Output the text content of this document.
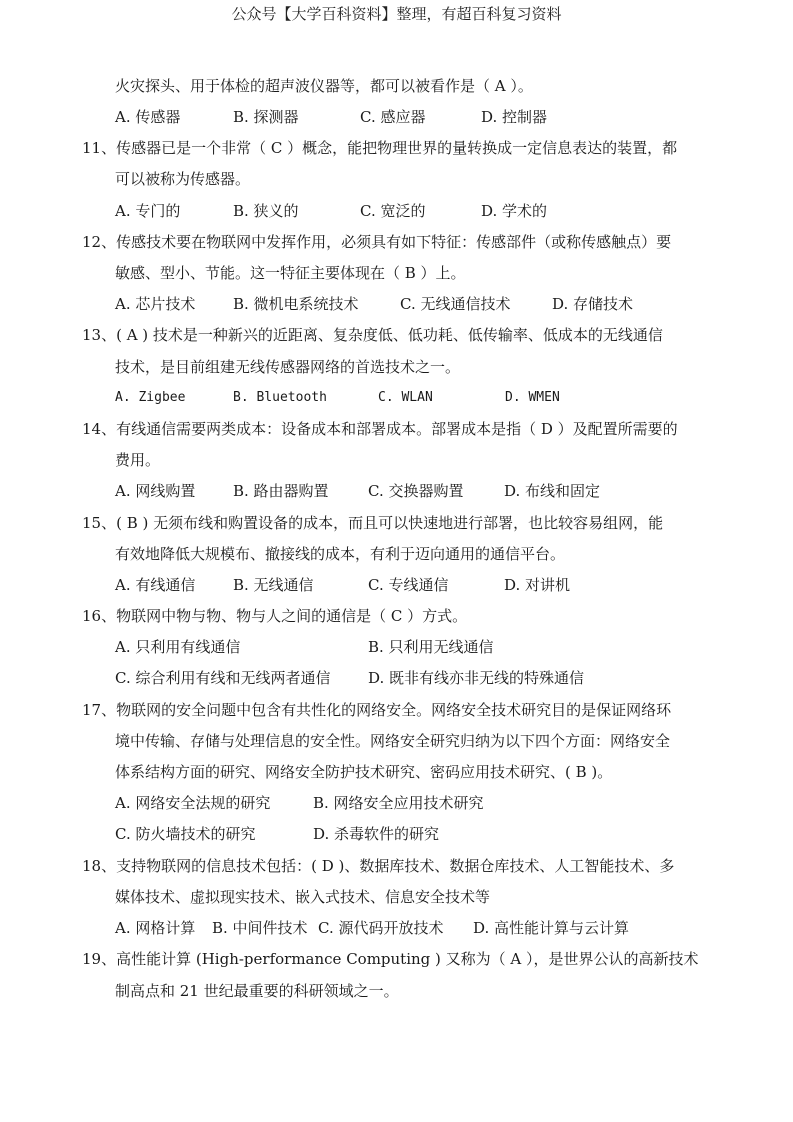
公众号【大学百科资料】整理，有超百科复习资料
火灾探头、用于体检的超声波仪器等，都可以被看作是（ A ）。
A. 传感器	B. 探测器	C. 感应器	D. 控制器
11、传感器已是一个非常（ C ）概念，能把物理世界的量转换成一定信息表达的装置，都
可以被称为传感器。
A. 专门的	B. 狭义的	C. 宽泛的	D. 学术的
12、传感技术要在物联网中发挥作用，必须具有如下特征：传感部件（或称传感触点）要
敏感、型小、节能。这一特征主要体现在（ B ）上。
A. 芯片技术	B. 微机电系统技术	C. 无线通信技术	D. 存储技术
13、( A ) 技术是一种新兴的近距离、复杂度低、低功耗、低传输率、低成本的无线通信
技术，是目前组建无线传感器网络的首选技术之一。
A. Zigbee	B. Bluetooth	C. WLAN	D. WMEN
14、有线通信需要两类成本：设备成本和部署成本。部署成本是指（ D ）及配置所需要的
费用。
A. 网线购置	B. 路由器购置	C. 交换器购置	D. 布线和固定
15、( B ) 无须布线和购置设备的成本，而且可以快速地进行部署，也比较容易组网，能
有效地降低大规模布、撤接线的成本，有利于迈向通用的通信平台。
A. 有线通信	B. 无线通信	C. 专线通信	D. 对讲机
16、物联网中物与物、物与人之间的通信是（ C ）方式。
A. 只利用有线通信	B. 只利用无线通信
C. 综合利用有线和无线两者通信	D. 既非有线亦非无线的特殊通信
17、物联网的安全问题中包含有共性化的网络安全。网络安全技术研究目的是保证网络环
境中传输、存储与处理信息的安全性。网络安全研究归纳为以下四个方面：网络安全
体系结构方面的研究、网络安全防护技术研究、密码应用技术研究、( B )。
A. 网络安全法规的研究	B. 网络安全应用技术研究
C. 防火墙技术的研究	D. 杀毒软件的研究
18、支持物联网的信息技术包括：( D )、数据库技术、数据仓库技术、人工智能技术、多
媒体技术、虚拟现实技术、嵌入式技术、信息安全技术等
A. 网格计算 B. 中间件技术 C. 源代码开放技术 D. 高性能计算与云计算
19、高性能计算 (High-performance Computing ) 又称为（ A ），是世界公认的高新技术
制高点和 21 世纪最重要的科研领域之一。
